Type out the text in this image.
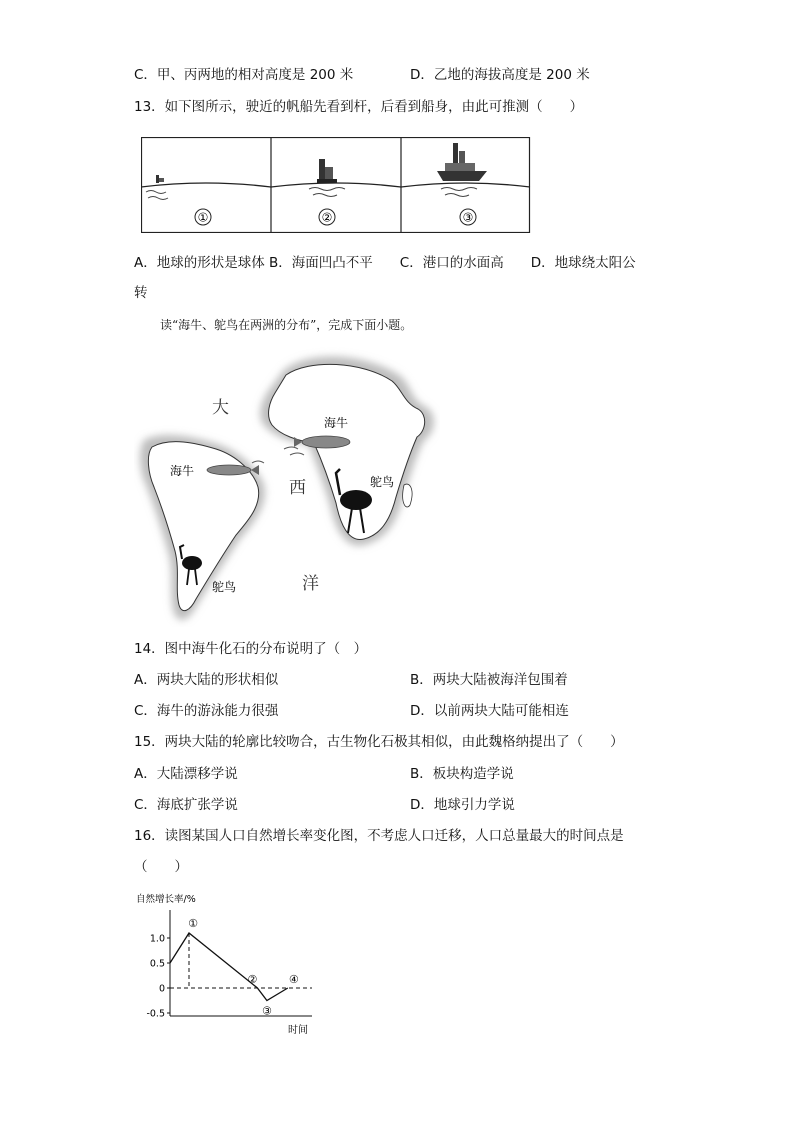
C．甲、丙两地的相对高度是 200 米	D．乙地的海拔高度是 200 米
13．如下图所示，驶近的帆船先看到杆，后看到船身，由此可推测（　　）
①	②	③
A．地球的形状是球体 B．海面凹凸不平　　C．港口的水面高　　D．地球绕太阳公
转
读“海牛、鸵鸟在两洲的分布”，完成下面小题。
大
西
洋
海牛
鸵鸟
海牛
鸵鸟
14．图中海牛化石的分布说明了（　）
A．两块大陆的形状相似	B．两块大陆被海洋包围着
C．海牛的游泳能力很强	D．以前两块大陆可能相连
15．两块大陆的轮廓比较吻合，古生物化石极其相似，由此魏格纳提出了（　　）
A．大陆漂移学说	B．板块构造学说
C．海底扩张学说	D．地球引力学说
16．读图某国人口自然增长率变化图，不考虑人口迁移，人口总量最大的时间点是
（　　）
自然增长率/%
时间
1.0
0.5
0
-0.5
①
②
③
④
